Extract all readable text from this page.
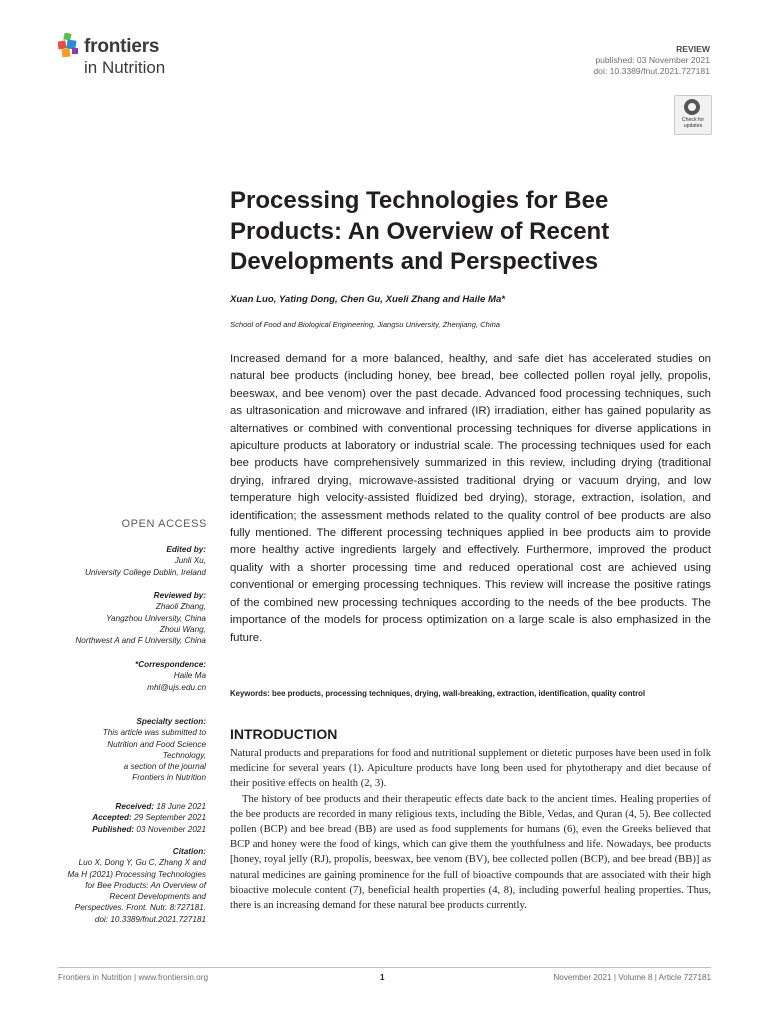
frontiers
in Nutrition
REVIEW
published: 03 November 2021
doi: 10.3389/fnut.2021.727181
Check for
updates
Processing Technologies for Bee Products: An Overview of Recent Developments and Perspectives
Xuan Luo, Yating Dong, Chen Gu, Xueli Zhang and Haile Ma*
School of Food and Biological Engineering, Jiangsu University, Zhenjiang, China
Increased demand for a more balanced, healthy, and safe diet has accelerated studies on natural bee products (including honey, bee bread, bee collected pollen royal jelly, propolis, beeswax, and bee venom) over the past decade. Advanced food processing techniques, such as ultrasonication and microwave and infrared (IR) irradiation, either has gained popularity as alternatives or combined with conventional processing techniques for diverse applications in apiculture products at laboratory or industrial scale. The processing techniques used for each bee products have comprehensively summarized in this review, including drying (traditional drying, infrared drying, microwave-assisted traditional drying or vacuum drying, and low temperature high velocity-assisted fluidized bed drying), storage, extraction, isolation, and identification; the assessment methods related to the quality control of bee products are also fully mentioned. The different processing techniques applied in bee products aim to provide more healthy active ingredients largely and effectively. Furthermore, improved the product quality with a shorter processing time and reduced operational cost are achieved using conventional or emerging processing techniques. This review will increase the positive ratings of the combined new processing techniques according to the needs of the bee products. The importance of the models for process optimization on a large scale is also emphasized in the future.
Keywords: bee products, processing techniques, drying, wall-breaking, extraction, identification, quality control
INTRODUCTION

Natural products and preparations for food and nutritional supplement or dietetic purposes have been used in folk medicine for several years (1). Apiculture products have long been used for phytotherapy and diet because of their positive effects on health (2, 3).

The history of bee products and their therapeutic effects date back to the ancient times. Healing properties of the bee products are recorded in many religious texts, including the Bible, Vedas, and Quran (4, 5). Bee collected pollen (BCP) and bee bread (BB) are used as food supplements for humans (6), even the Greeks believed that BCP and honey were the food of kings, which can give them the youthfulness and life. Nowadays, bee products [honey, royal jelly (RJ), propolis, beeswax, bee venom (BV), bee collected pollen (BCP), and bee bread (BB)] as natural medicines are gaining prominence for the full of bioactive compounds that are associated with their high bioactive molecule content (7), beneficial health properties (4, 8), including powerful healing properties. Thus, there is an increasing demand for these natural bee products currently.

OPEN ACCESS
Edited by:
Junli Xu,
University College Dublin, Ireland
Reviewed by:
Zhaoli Zhang,
Yangzhou University, China
Zhoui Wang,
Northwest A and F University, China
*Correspondence:
Haile Ma
mhl@ujs.edu.cn
Specialty section:
This article was submitted to
Nutrition and Food Science
Technology,
a section of the journal
Frontiers in Nutrition
Received: 18 June 2021
Accepted: 29 September 2021
Published: 03 November 2021
Citation:
Luo X, Dong Y, Gu C, Zhang X and
Ma H (2021) Processing Technologies
for Bee Products: An Overview of
Recent Developments and
Perspectives. Front. Nutr. 8:727181.
doi: 10.3389/fnut.2021.727181
Frontiers in Nutrition | www.frontiersin.org	1	November 2021 | Volume 8 | Article 727181
